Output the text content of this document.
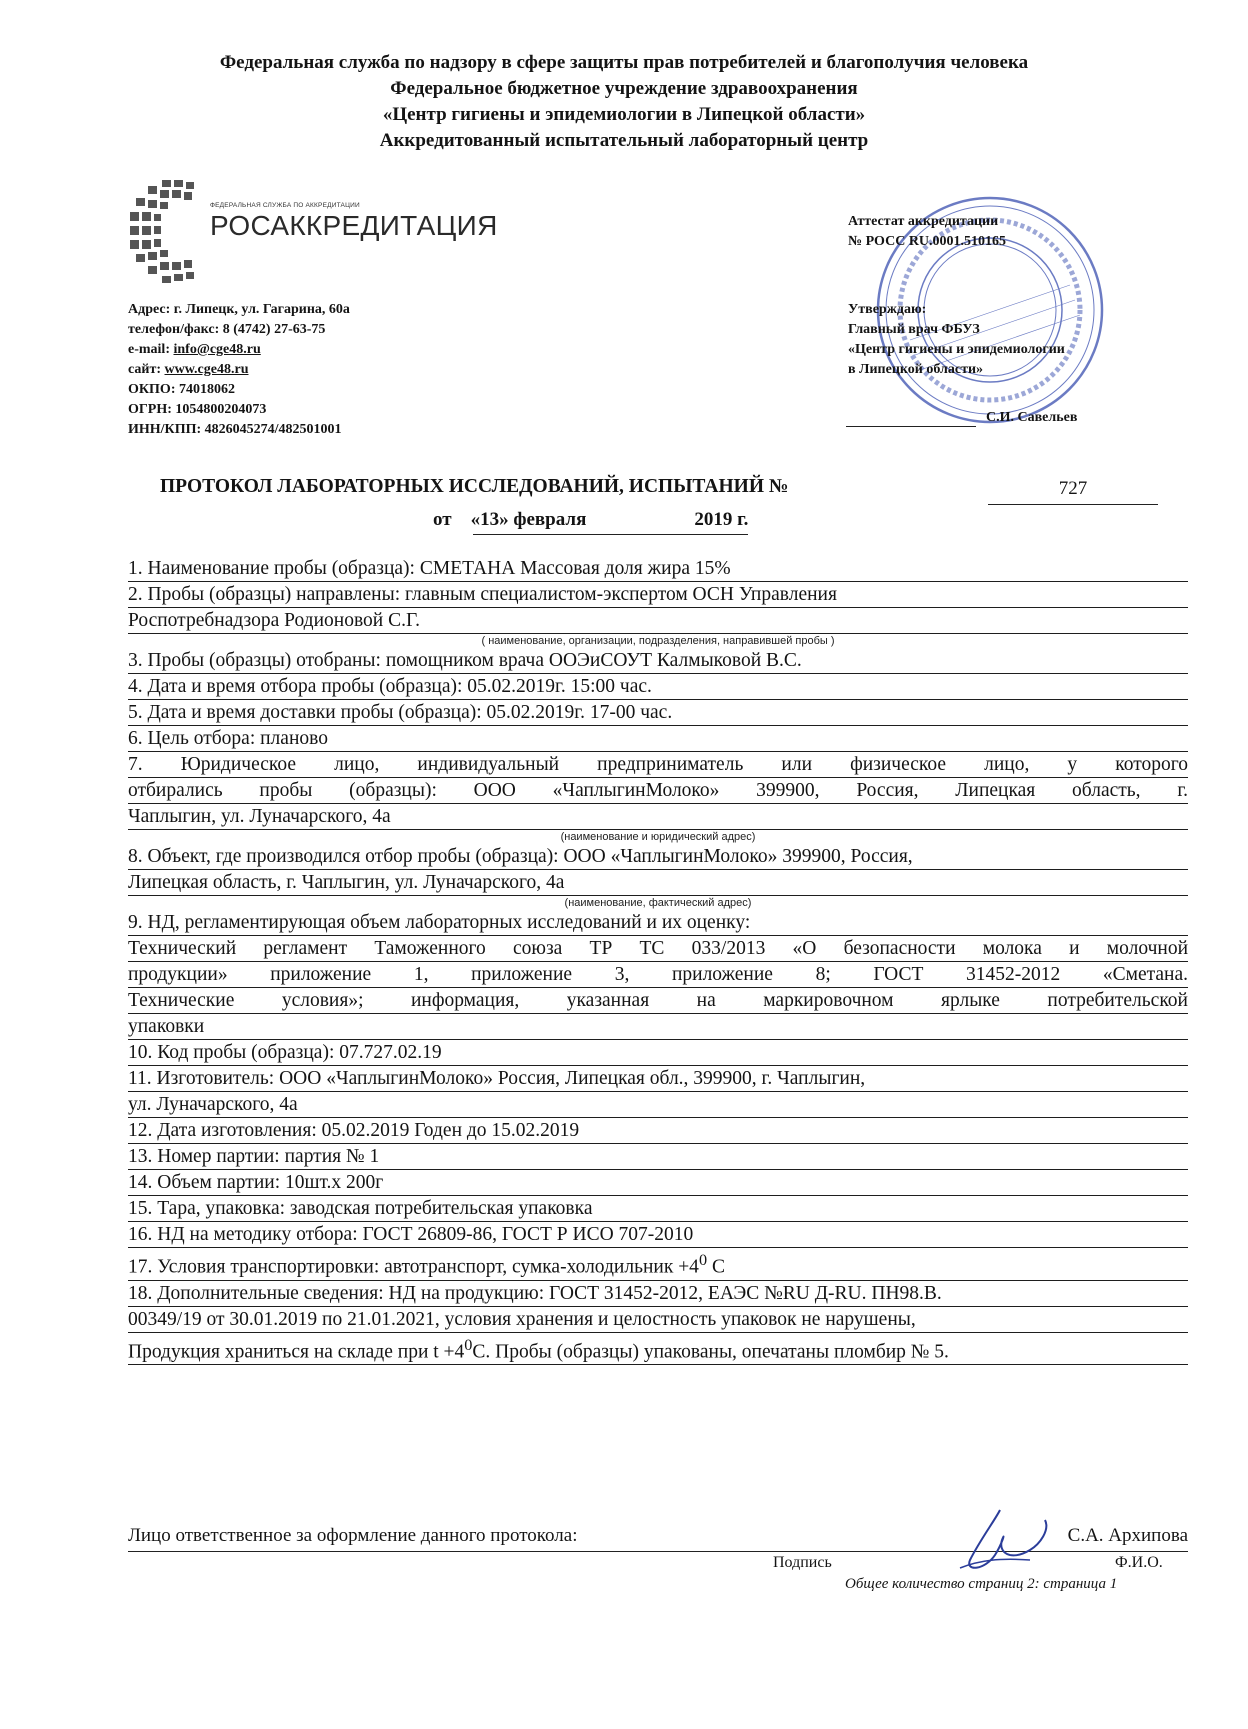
Федеральная служба по надзору в сфере защиты прав потребителей и благополучия человека
Федеральное бюджетное учреждение здравоохранения
«Центр гигиены и эпидемиологии в Липецкой области»
Аккредитованный испытательный лабораторный центр
ФЕДЕРАЛЬНАЯ СЛУЖБА ПО АККРЕДИТАЦИИ
РОСАККРЕДИТАЦИЯ
Адрес: г. Липецк, ул. Гагарина, 60а
телефон/факс: 8 (4742) 27-63-75
e-mail: info@cge48.ru
сайт: www.cge48.ru
ОКПО: 74018062
ОГРН: 1054800204073
ИНН/КПП: 4826045274/482501001
Аттестат аккредитации
№ РОСС RU.0001.510165
Утверждаю:
Главный врач ФБУЗ
«Центр гигиены и эпидемиологии
в Липецкой области»
С.И. Савельев
ПРОТОКОЛ ЛАБОРАТОРНЫХ ИССЛЕДОВАНИЙ, ИСПЫТАНИЙ №	727
от «13» февраля	2019 г.
1. Наименование пробы (образца): СМЕТАНА Массовая доля жира 15%
2. Пробы (образцы) направлены: главным специалистом-экспертом ОСН Управления
Роспотребнадзора Родионовой С.Г.
( наименование, организации, подразделения, направившей пробы )
3. Пробы (образцы) отобраны: помощником врача ООЭиСОУТ Калмыковой В.С.
4. Дата и время отбора пробы (образца): 05.02.2019г. 15:00 час.
5. Дата и время доставки пробы (образца): 05.02.2019г. 17-00 час.
6. Цель отбора: планово
7. Юридическое лицо, индивидуальный предприниматель или физическое лицо, у которого
отбирались пробы (образцы): ООО «ЧаплыгинМолоко» 399900, Россия, Липецкая область, г.
Чаплыгин, ул. Луначарского, 4а
(наименование и юридический адрес)
8. Объект, где производился отбор пробы (образца): ООО «ЧаплыгинМолоко» 399900, Россия,
Липецкая область, г. Чаплыгин, ул. Луначарского, 4а
(наименование, фактический адрес)
9. НД, регламентирующая объем лабораторных исследований и их оценку:
Технический регламент Таможенного союза ТР ТС 033/2013 «О безопасности молока и молочной
продукции» приложение 1, приложение 3, приложение 8; ГОСТ 31452-2012 «Сметана.
Технические условия»; информация, указанная на маркировочном ярлыке потребительской
упаковки
10. Код пробы (образца): 07.727.02.19
11. Изготовитель: ООО «ЧаплыгинМолоко» Россия, Липецкая обл., 399900, г. Чаплыгин,
ул. Луначарского, 4а
12. Дата изготовления: 05.02.2019 Годен до 15.02.2019
13. Номер партии: партия № 1
14. Объем партии: 10шт.х 200г
15. Тара, упаковка: заводская потребительская упаковка
16. НД на методику отбора: ГОСТ 26809-86, ГОСТ Р ИСО 707-2010
17. Условия транспортировки: автотранспорт, сумка-холодильник $+4^0$ С
18. Дополнительные сведения: НД на продукцию: ГОСТ 31452-2012, ЕАЭС №RU Д-RU. ПН98.В.
00349/19 от 30.01.2019 по 21.01.2021, условия хранения и целостность упаковок не нарушены,
Продукция храниться на складе при $t +4^0С$. Пробы (образцы) упакованы, опечатаны пломбир № 5.
Лицо ответственное за оформление данного протокола:	С.А. Архипова
Подпись	Ф.И.О.
Общее количество страниц 2: страница 1
